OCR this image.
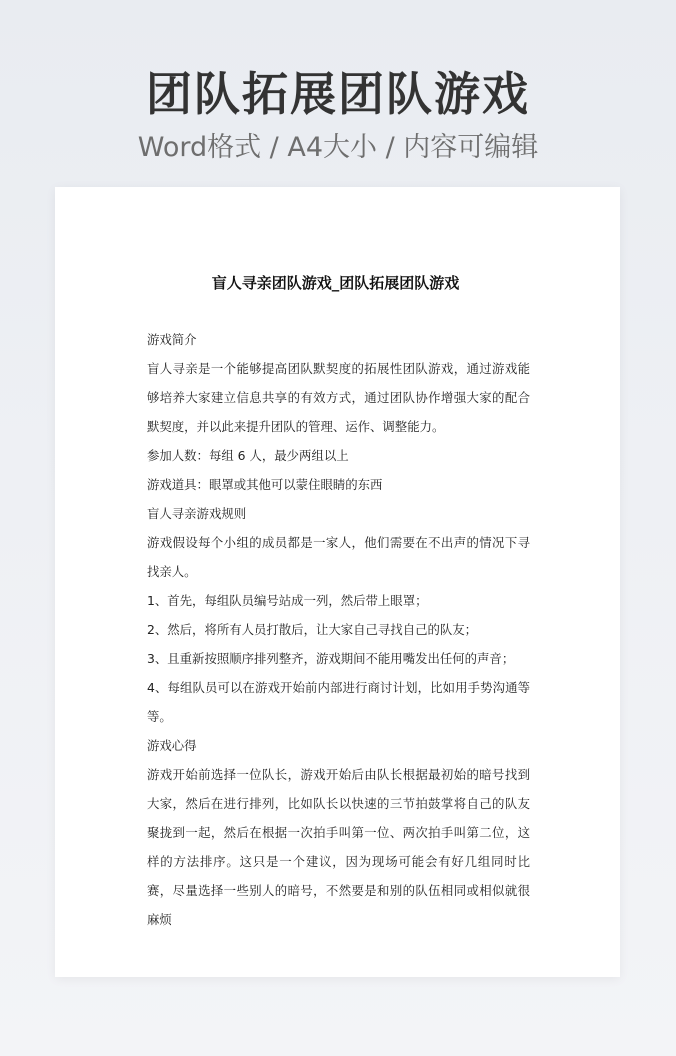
团队拓展团队游戏
Word格式 / A4大小 / 内容可编辑
盲人寻亲团队游戏_团队拓展团队游戏

游戏简介

盲人寻亲是一个能够提高团队默契度的拓展性团队游戏，通过游戏能够培养大家建立信息共享的有效方式，通过团队协作增强大家的配合默契度，并以此来提升团队的管理、运作、调整能力。

参加人数：每组 6 人，最少两组以上

游戏道具：眼罩或其他可以蒙住眼睛的东西

盲人寻亲游戏规则

游戏假设每个小组的成员都是一家人，他们需要在不出声的情况下寻找亲人。

1、首先，每组队员编号站成一列，然后带上眼罩；

2、然后，将所有人员打散后，让大家自己寻找自己的队友；

3、且重新按照顺序排列整齐，游戏期间不能用嘴发出任何的声音；

4、每组队员可以在游戏开始前内部进行商讨计划，比如用手势沟通等等。

游戏心得

游戏开始前选择一位队长，游戏开始后由队长根据最初始的暗号找到大家，然后在进行排列，比如队长以快速的三节拍鼓掌将自己的队友聚拢到一起，然后在根据一次拍手叫第一位、两次拍手叫第二位，这样的方法排序。这只是一个建议，因为现场可能会有好几组同时比赛，尽量选择一些别人的暗号，不然要是和别的队伍相同或相似就很麻烦
